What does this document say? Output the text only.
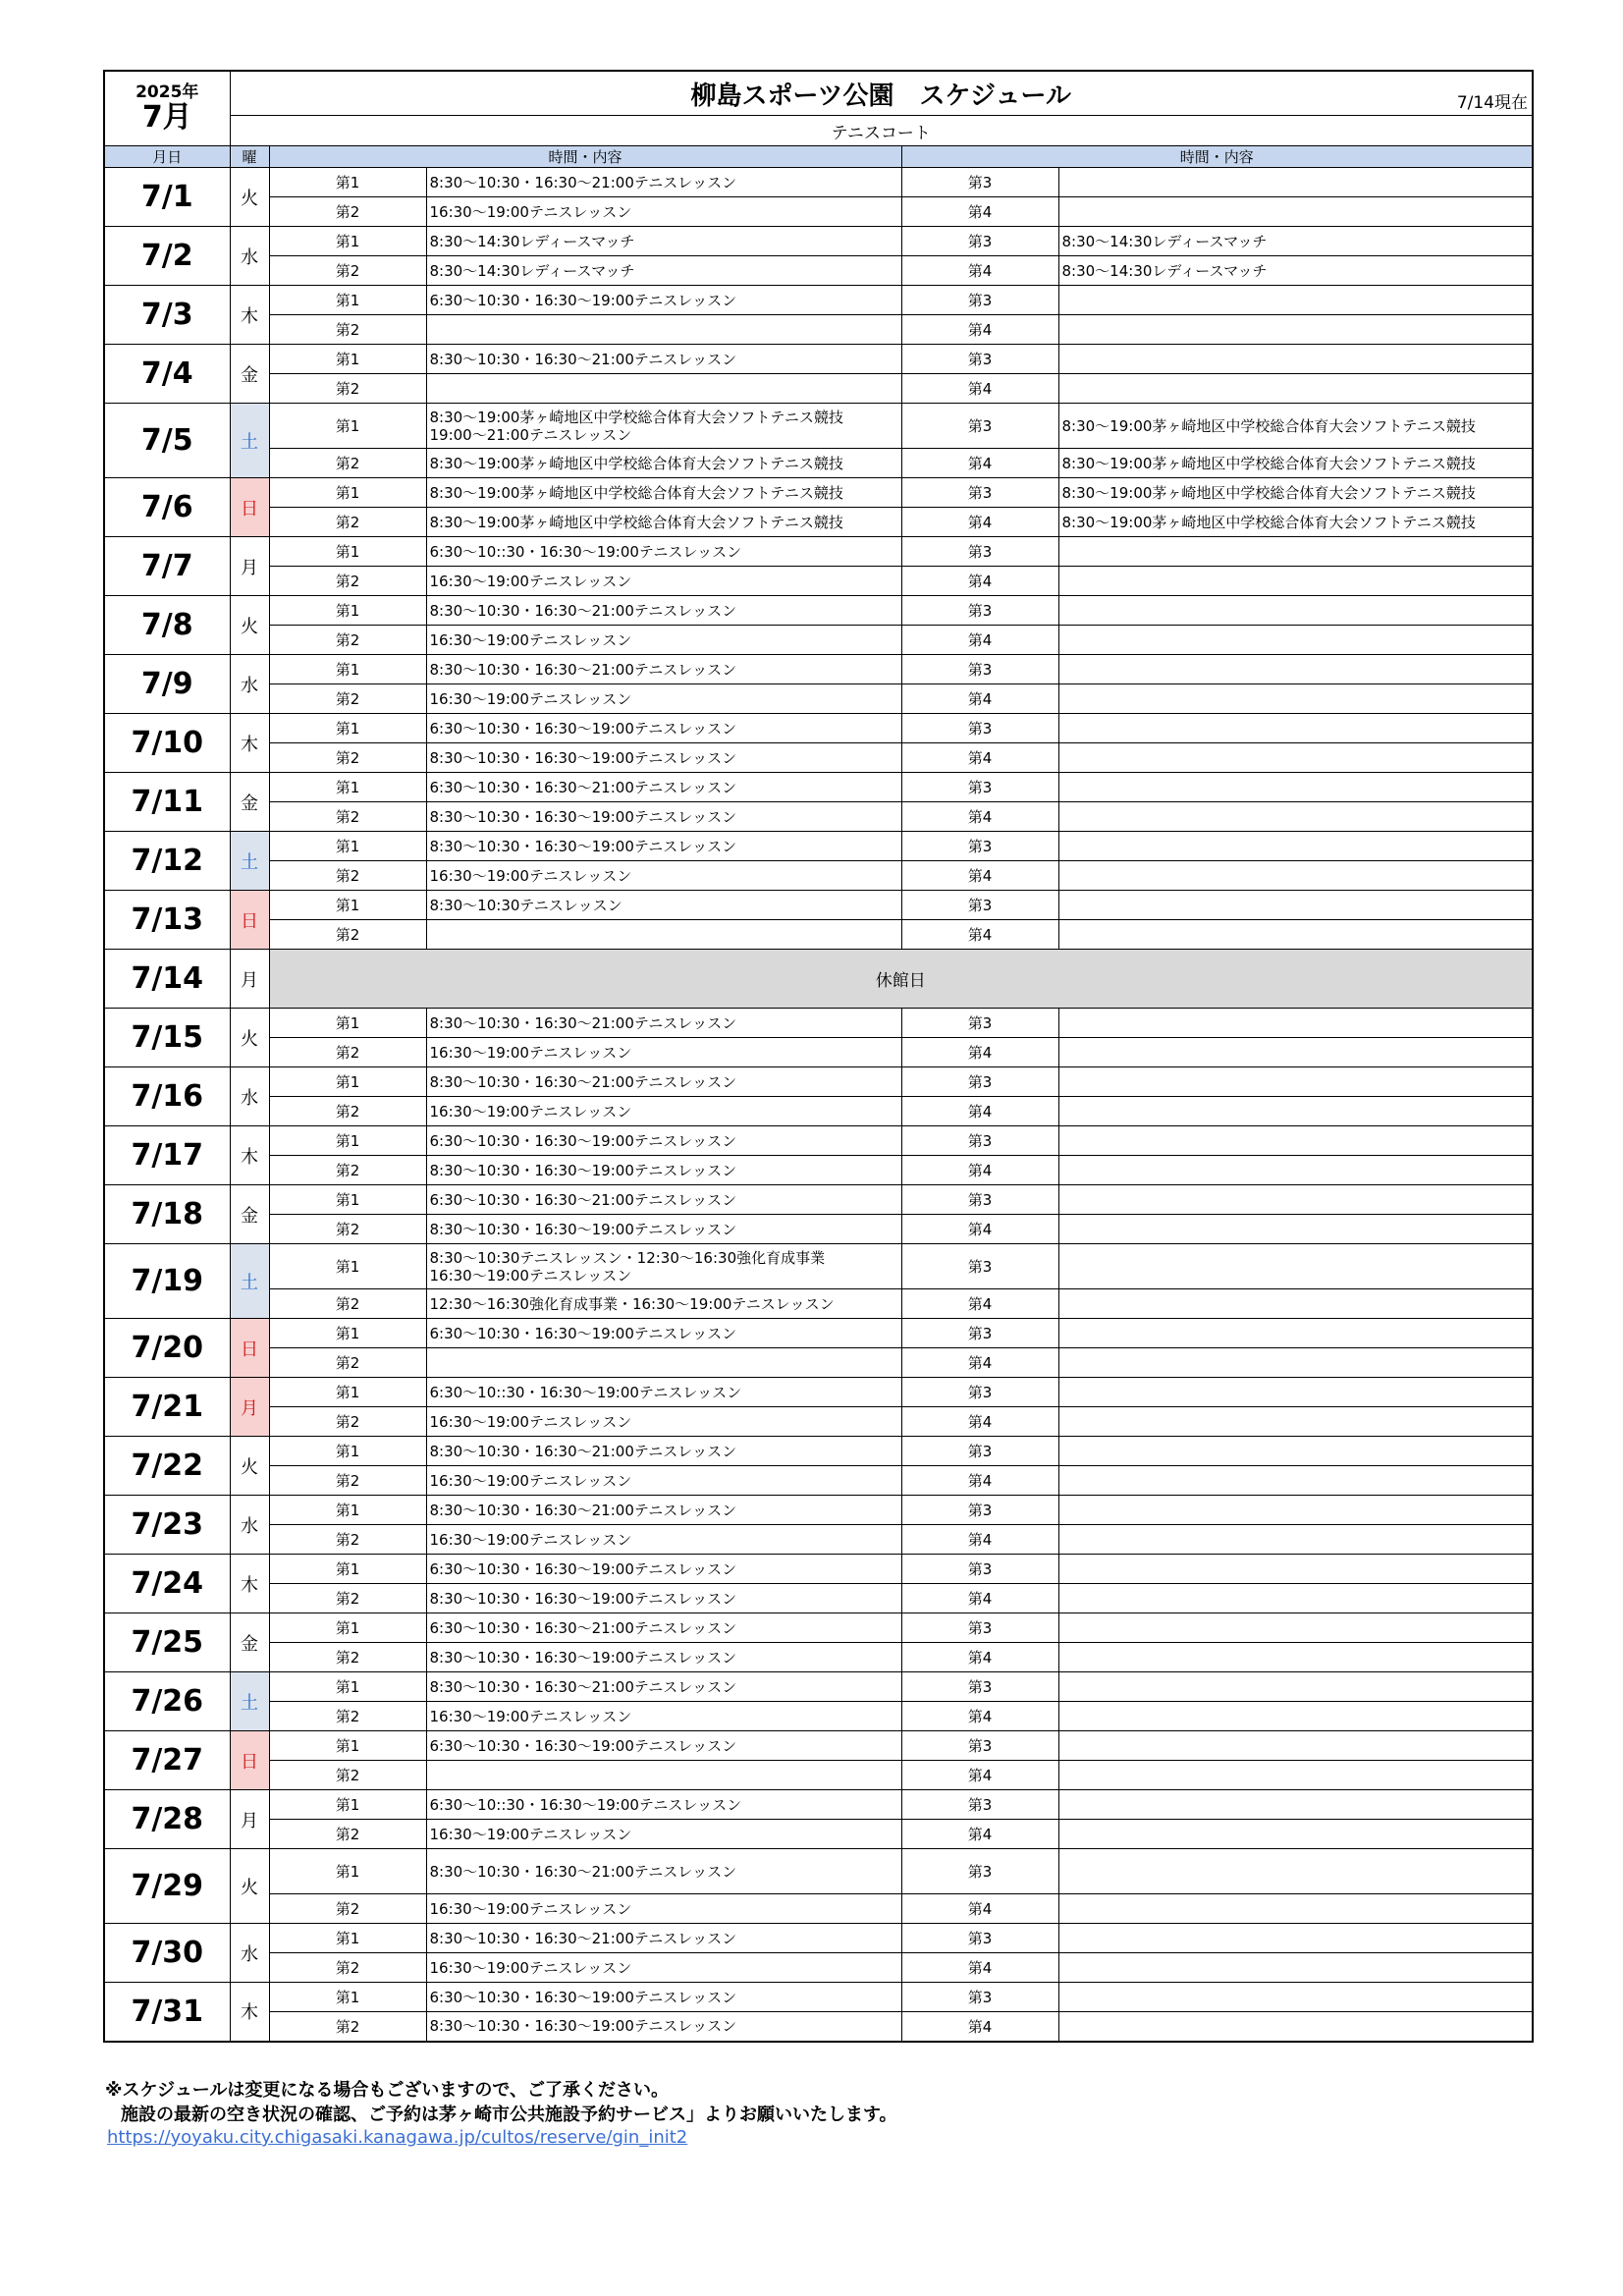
2025年
7月	柳島スポーツ公園　スケジュール 7/14現在				

	テニスコート				
月日	曜	時間・内容		時間・内容	
7/1	火	第1	8:30～10:30・16:30～21:00テニスレッスン	第3	
		第2	16:30～19:00テニスレッスン	第4	
7/2	水	第1	8:30～14:30レディースマッチ	第3	8:30～14:30レディースマッチ
		第2	8:30～14:30レディースマッチ	第4	8:30～14:30レディースマッチ
7/3	木	第1	6:30～10:30・16:30～19:00テニスレッスン	第3	
		第2		第4	
7/4	金	第1	8:30～10:30・16:30～21:00テニスレッスン	第3	
		第2		第4	
7/5	土	第1	8:30～19:00茅ヶ崎地区中学校総合体育大会ソフトテニス競技
19:00～21:00テニスレッスン	第3	8:30～19:00茅ヶ崎地区中学校総合体育大会ソフトテニス競技
		第2	8:30～19:00茅ヶ崎地区中学校総合体育大会ソフトテニス競技	第4	8:30～19:00茅ヶ崎地区中学校総合体育大会ソフトテニス競技
7/6	日	第1	8:30～19:00茅ヶ崎地区中学校総合体育大会ソフトテニス競技	第3	8:30～19:00茅ヶ崎地区中学校総合体育大会ソフトテニス競技
		第2	8:30～19:00茅ヶ崎地区中学校総合体育大会ソフトテニス競技	第4	8:30～19:00茅ヶ崎地区中学校総合体育大会ソフトテニス競技
7/7	月	第1	6:30～10::30・16:30～19:00テニスレッスン	第3	
		第2	16:30～19:00テニスレッスン	第4	
7/8	火	第1	8:30～10:30・16:30～21:00テニスレッスン	第3	
		第2	16:30～19:00テニスレッスン	第4	
7/9	水	第1	8:30～10:30・16:30～21:00テニスレッスン	第3	
		第2	16:30～19:00テニスレッスン	第4	
7/10	木	第1	6:30～10:30・16:30～19:00テニスレッスン	第3	
		第2	8:30～10:30・16:30～19:00テニスレッスン	第4	
7/11	金	第1	6:30～10:30・16:30～21:00テニスレッスン	第3	
		第2	8:30～10:30・16:30～19:00テニスレッスン	第4	
7/12	土	第1	8:30～10:30・16:30～19:00テニスレッスン	第3	
		第2	16:30～19:00テニスレッスン	第4	
7/13	日	第1	8:30～10:30テニスレッスン	第3	
		第2		第4	
7/14	月	休館日			
7/15	火	第1	8:30～10:30・16:30～21:00テニスレッスン	第3	
		第2	16:30～19:00テニスレッスン	第4	
7/16	水	第1	8:30～10:30・16:30～21:00テニスレッスン	第3	
		第2	16:30～19:00テニスレッスン	第4	
7/17	木	第1	6:30～10:30・16:30～19:00テニスレッスン	第3	
		第2	8:30～10:30・16:30～19:00テニスレッスン	第4	
7/18	金	第1	6:30～10:30・16:30～21:00テニスレッスン	第3	
		第2	8:30～10:30・16:30～19:00テニスレッスン	第4	
7/19	土	第1	8:30～10:30テニスレッスン・12:30～16:30強化育成事業
16:30～19:00テニスレッスン	第3	
		第2	12:30～16:30強化育成事業・16:30～19:00テニスレッスン	第4	
7/20	日	第1	6:30～10:30・16:30～19:00テニスレッスン	第3	
		第2		第4	
7/21	月	第1	6:30～10::30・16:30～19:00テニスレッスン	第3	
		第2	16:30～19:00テニスレッスン	第4	
7/22	火	第1	8:30～10:30・16:30～21:00テニスレッスン	第3	
		第2	16:30～19:00テニスレッスン	第4	
7/23	水	第1	8:30～10:30・16:30～21:00テニスレッスン	第3	
		第2	16:30～19:00テニスレッスン	第4	
7/24	木	第1	6:30～10:30・16:30～19:00テニスレッスン	第3	
		第2	8:30～10:30・16:30～19:00テニスレッスン	第4	
7/25	金	第1	6:30～10:30・16:30～21:00テニスレッスン	第3	
		第2	8:30～10:30・16:30～19:00テニスレッスン	第4	
7/26	土	第1	8:30～10:30・16:30～21:00テニスレッスン	第3	
		第2	16:30～19:00テニスレッスン	第4	
7/27	日	第1	6:30～10:30・16:30～19:00テニスレッスン	第3	
		第2		第4	
7/28	月	第1	6:30～10::30・16:30～19:00テニスレッスン	第3	
		第2	16:30～19:00テニスレッスン	第4	
7/29	火	第1	8:30～10:30・16:30～21:00テニスレッスン	第3	
		第2	16:30～19:00テニスレッスン	第4	
7/30	水	第1	8:30～10:30・16:30～21:00テニスレッスン	第3	
		第2	16:30～19:00テニスレッスン	第4	
7/31	木	第1	6:30～10:30・16:30～19:00テニスレッスン	第3	
		第2	8:30～10:30・16:30～19:00テニスレッスン	第4	
※スケジュールは変更になる場合もございますので、ご了承ください。
施設の最新の空き状況の確認、ご予約は茅ヶ崎市公共施設予約サービス」よりお願いいたします。
https://yoyaku.city.chigasaki.kanagawa.jp/cultos/reserve/gin_init2
